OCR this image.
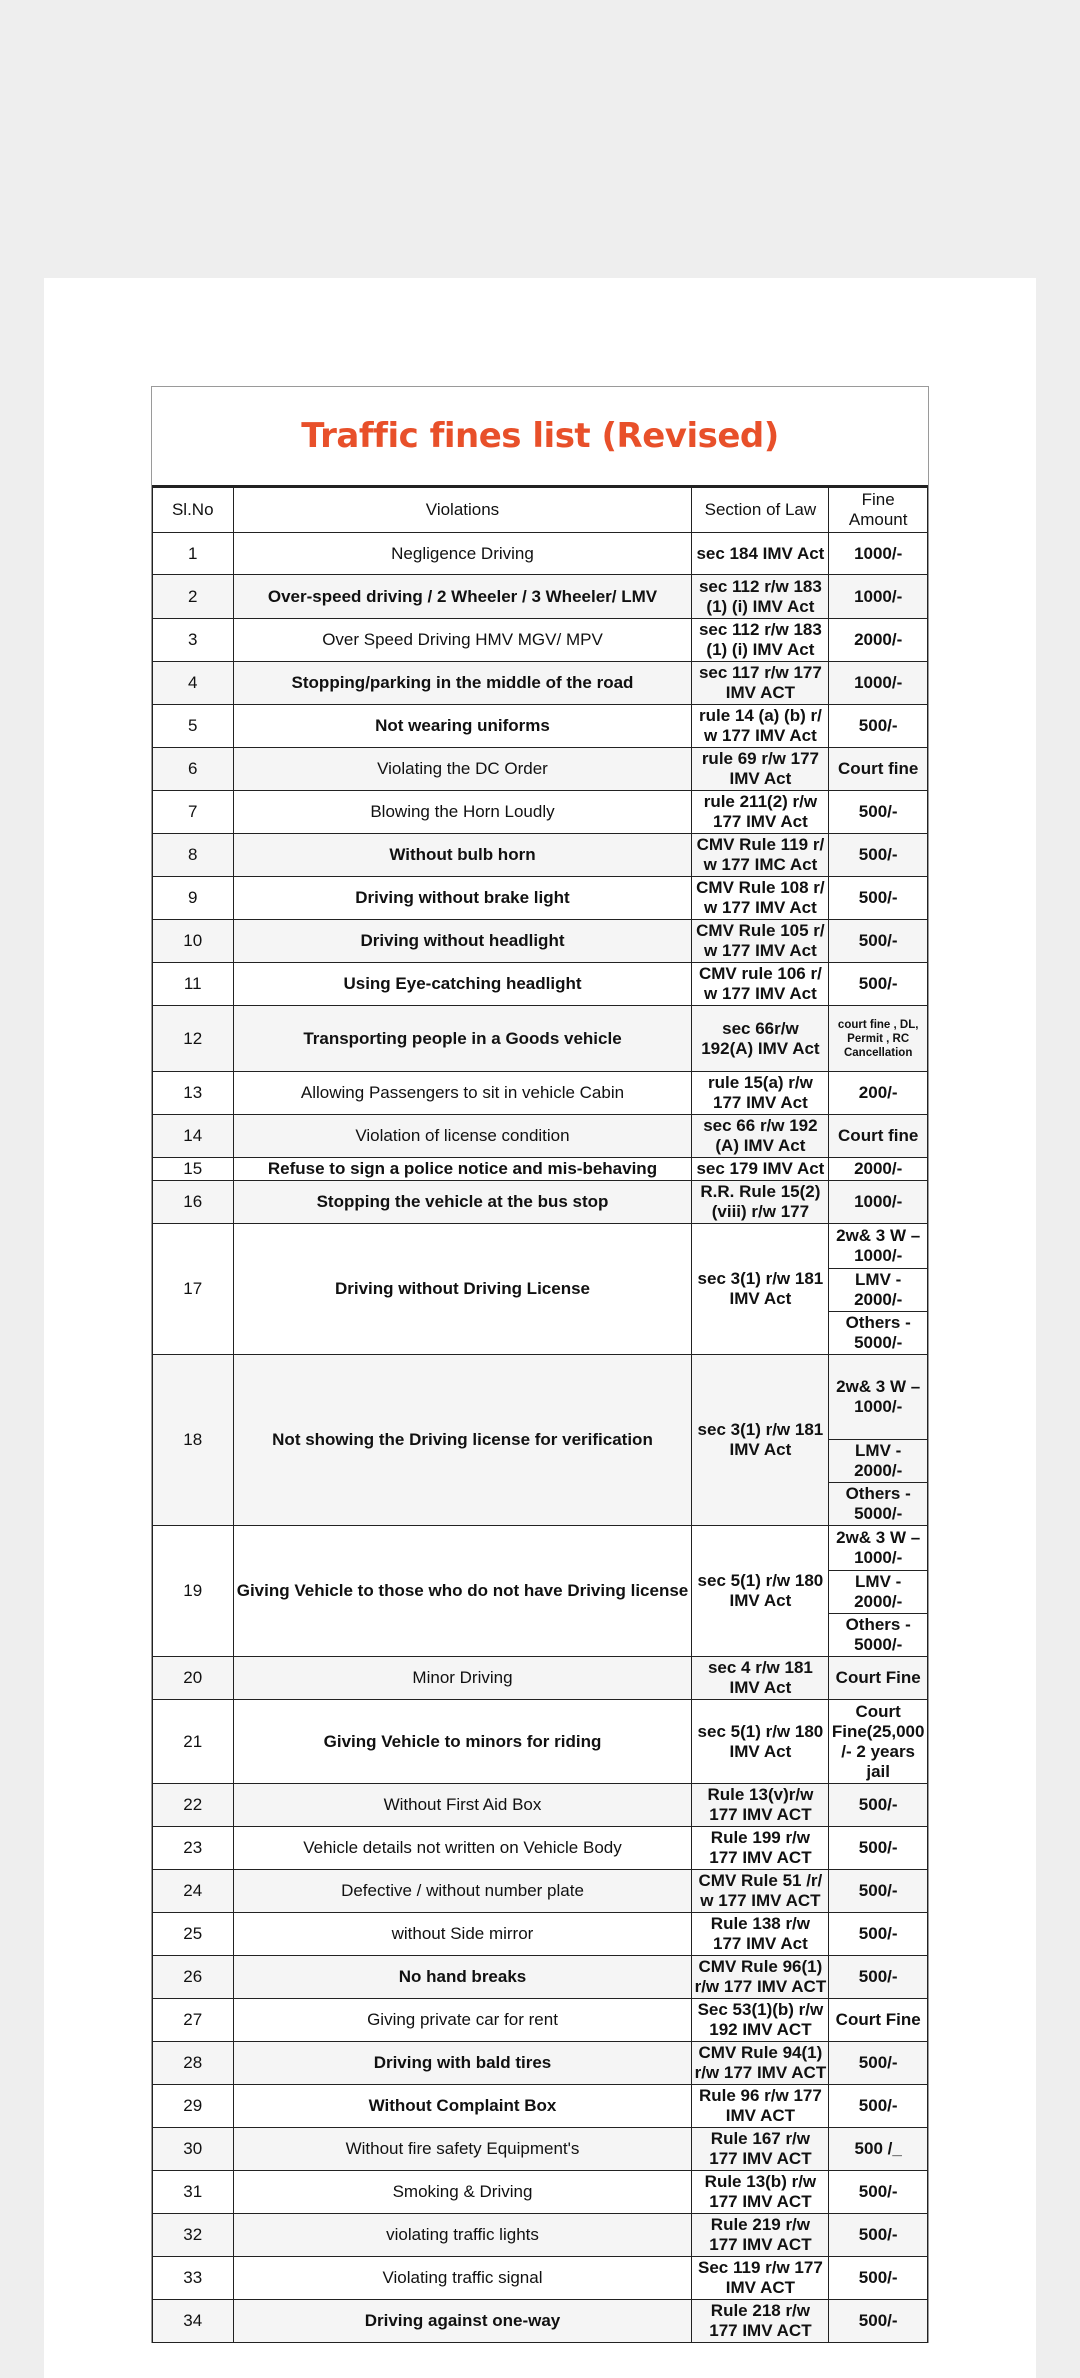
Traffic fines list (Revised)
Sl.No	Violations	Section of Law	Fine Amount
1	Negligence Driving	sec 184 IMV Act	1000/-
2	Over-speed driving / 2 Wheeler / 3 Wheeler/ LMV	sec 112 r/w 183 (1) (i) IMV Act	1000/-
3	Over Speed Driving HMV MGV/ MPV	sec 112 r/w 183 (1) (i) IMV Act	2000/-
4	Stopping/parking in the middle of the road	sec 117 r/w 177 IMV ACT	1000/-
5	Not wearing uniforms	rule 14 (a) (b) r/ w 177 IMV Act	500/-
6	Violating the DC Order	rule 69 r/w 177 IMV Act	Court fine
7	Blowing the Horn Loudly	rule 211(2) r/w 177 IMV Act	500/-
8	Without bulb horn	CMV Rule 119 r/ w 177 IMC Act	500/-
9	Driving without brake light	CMV Rule 108 r/ w 177 IMV Act	500/-
10	Driving without headlight	CMV Rule 105 r/ w 177 IMV Act	500/-
11	Using Eye-catching headlight	CMV rule 106 r/ w 177 IMV Act	500/-
12	Transporting people in a Goods vehicle	sec 66r/w 192(A) IMV Act	court fine , DL, Permit , RC Cancellation
13	Allowing Passengers to sit in vehicle Cabin	rule 15(a) r/w 177 IMV Act	200/-
14	Violation of license condition	sec 66 r/w 192 (A) IMV Act	Court fine
15	Refuse to sign a police notice and mis-behaving	sec 179 IMV Act	2000/-
16	Stopping the vehicle at the bus stop	R.R. Rule 15(2) (viii) r/w 177	1000/-
17	Driving without Driving License	sec 3(1) r/w 181 IMV Act	2w& 3 W – 1000/-
LMV - 2000/-
Others - 5000/-

18	Not showing the Driving license for verification	sec 3(1) r/w 181 IMV Act	2w& 3 W – 1000/-
LMV - 2000/-
Others - 5000/-

19	Giving Vehicle to those who do not have Driving license	sec 5(1) r/w 180 IMV Act	2w& 3 W – 1000/-
LMV - 2000/-
Others - 5000/-

20	Minor Driving	sec 4 r/w 181 IMV Act	Court Fine
21	Giving Vehicle to minors for riding	sec 5(1) r/w 180 IMV Act	Court Fine(25,000 /- 2 years jail
22	Without First Aid Box	Rule 13(v)r/w 177 IMV ACT	500/-
23	Vehicle details not written on Vehicle Body	Rule 199 r/w 177 IMV ACT	500/-
24	Defective / without number plate	CMV Rule 51 /r/ w 177 IMV ACT	500/-
25	without Side mirror	Rule 138 r/w 177 IMV Act	500/-
26	No hand breaks	CMV Rule 96(1) r/w 177 IMV ACT	500/-
27	Giving private car for rent	Sec 53(1)(b) r/w 192 IMV ACT	Court Fine
28	Driving with bald tires	CMV Rule 94(1) r/w 177 IMV ACT	500/-
29	Without Complaint Box	Rule 96 r/w 177 IMV ACT	500/-
30	Without fire safety Equipment's	Rule 167 r/w 177 IMV ACT	500 /_
31	Smoking & Driving	Rule 13(b) r/w 177 IMV ACT	500/-
32	violating traffic lights	Rule 219 r/w 177 IMV ACT	500/-
33	Violating traffic signal	Sec 119 r/w 177 IMV ACT	500/-
34	Driving against one-way	Rule 218 r/w 177 IMV ACT	500/-
